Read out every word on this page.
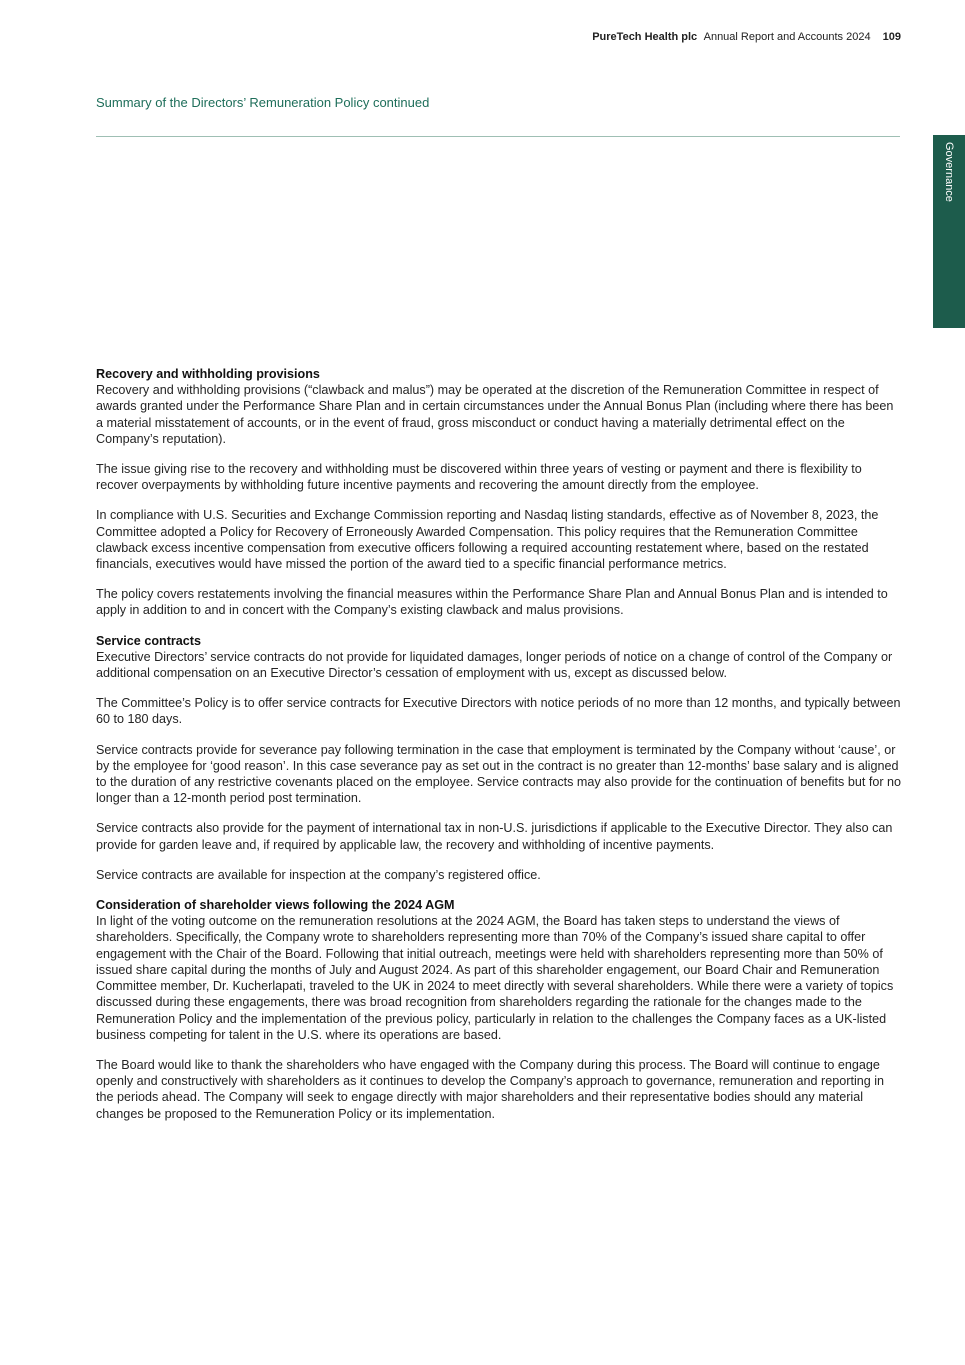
PureTech Health plc Annual Report and Accounts 2024 109
Summary of the Directors’ Remuneration Policy continued
Governance
Recovery and withholding provisions

Recovery and withholding provisions (“clawback and malus”) may be operated at the discretion of the Remuneration Committee in respect of awards granted under the Performance Share Plan and in certain circumstances under the Annual Bonus Plan (including where there has been a material misstatement of accounts, or in the event of fraud, gross misconduct or conduct having a materially detrimental effect on the Company’s reputation).

The issue giving rise to the recovery and withholding must be discovered within three years of vesting or payment and there is flexibility to recover overpayments by withholding future incentive payments and recovering the amount directly from the employee.

In compliance with U.S. Securities and Exchange Commission reporting and Nasdaq listing standards, effective as of November 8, 2023, the Committee adopted a Policy for Recovery of Erroneously Awarded Compensation. This policy requires that the Remuneration Committee clawback excess incentive compensation from executive officers following a required accounting restatement where, based on the restated financials, executives would have missed the portion of the award tied to a specific financial performance metrics.

The policy covers restatements involving the financial measures within the Performance Share Plan and Annual Bonus Plan and is intended to apply in addition to and in concert with the Company’s existing clawback and malus provisions.

Service contracts

Executive Directors’ service contracts do not provide for liquidated damages, longer periods of notice on a change of control of the Company or additional compensation on an Executive Director’s cessation of employment with us, except as discussed below.

The Committee’s Policy is to offer service contracts for Executive Directors with notice periods of no more than 12 months, and typically between 60 to 180 days.

Service contracts provide for severance pay following termination in the case that employment is terminated by the Company without ‘cause’, or by the employee for ‘good reason’. In this case severance pay as set out in the contract is no greater than 12-months’ base salary and is aligned to the duration of any restrictive covenants placed on the employee. Service contracts may also provide for the continuation of benefits but for no longer than a 12-month period post termination.

Service contracts also provide for the payment of international tax in non-U.S. jurisdictions if applicable to the Executive Director. They also can provide for garden leave and, if required by applicable law, the recovery and withholding of incentive payments.

Service contracts are available for inspection at the company’s registered office.

Consideration of shareholder views following the 2024 AGM

In light of the voting outcome on the remuneration resolutions at the 2024 AGM, the Board has taken steps to understand the views of shareholders. Specifically, the Company wrote to shareholders representing more than 70% of the Company’s issued share capital to offer engagement with the Chair of the Board. Following that initial outreach, meetings were held with shareholders representing more than 50% of issued share capital during the months of July and August 2024. As part of this shareholder engagement, our Board Chair and Remuneration Committee member, Dr. Kucherlapati, traveled to the UK in 2024 to meet directly with several shareholders. While there were a variety of topics discussed during these engagements, there was broad recognition from shareholders regarding the rationale for the changes made to the Remuneration Policy and the implementation of the previous policy, particularly in relation to the challenges the Company faces as a UK-listed business competing for talent in the U.S. where its operations are based.

The Board would like to thank the shareholders who have engaged with the Company during this process. The Board will continue to engage openly and constructively with shareholders as it continues to develop the Company’s approach to governance, remuneration and reporting in the periods ahead. The Company will seek to engage directly with major shareholders and their representative bodies should any material changes be proposed to the Remuneration Policy or its implementation.
